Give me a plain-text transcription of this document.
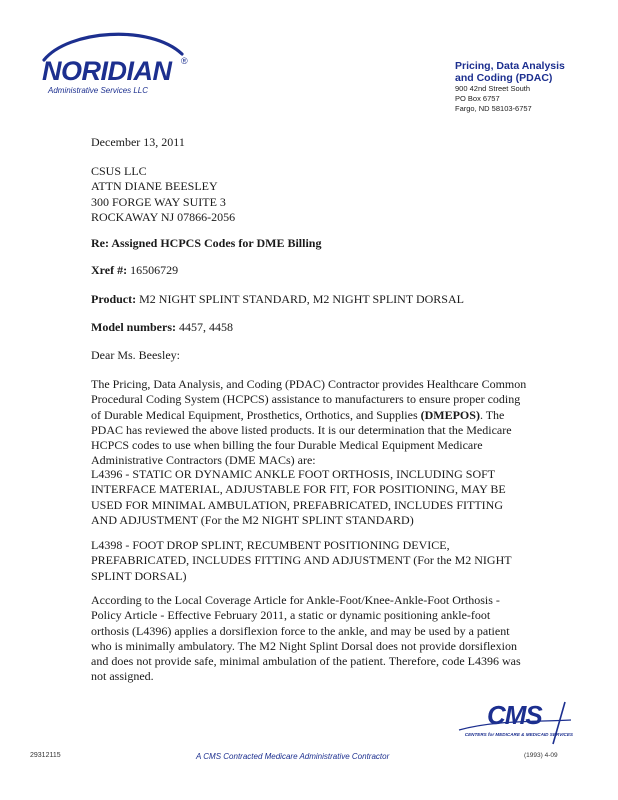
NORIDIAN ®
Administrative Services LLC
Pricing, Data Analysis
and Coding (PDAC)
900 42nd Street South
PO Box 6757
Fargo, ND 58103-6757
December 13, 2011
CSUS LLC
ATTN DIANE BEESLEY
300 FORGE WAY SUITE 3
ROCKAWAY NJ 07866-2056
Re: Assigned HCPCS Codes for DME Billing
Xref #: 16506729
Product: M2 NIGHT SPLINT STANDARD, M2 NIGHT SPLINT DORSAL
Model numbers: 4457, 4458
Dear Ms. Beesley:
The Pricing, Data Analysis, and Coding (PDAC) Contractor provides Healthcare Common Procedural Coding System (HCPCS) assistance to manufacturers to ensure proper coding of Durable Medical Equipment, Prosthetics, Orthotics, and Supplies (DMEPOS). The PDAC has reviewed the above listed products. It is our determination that the Medicare HCPCS codes to use when billing the four Durable Medical Equipment Medicare Administrative Contractors (DME MACs) are:
L4396 - STATIC OR DYNAMIC ANKLE FOOT ORTHOSIS, INCLUDING SOFT INTERFACE MATERIAL, ADJUSTABLE FOR FIT, FOR POSITIONING, MAY BE USED FOR MINIMAL AMBULATION, PREFABRICATED, INCLUDES FITTING AND ADJUSTMENT (For the M2 NIGHT SPLINT STANDARD)
L4398 - FOOT DROP SPLINT, RECUMBENT POSITIONING DEVICE, PREFABRICATED, INCLUDES FITTING AND ADJUSTMENT (For the M2 NIGHT SPLINT DORSAL)
According to the Local Coverage Article for Ankle-Foot/Knee-Ankle-Foot Orthosis - Policy Article - Effective February 2011, a static or dynamic positioning ankle-foot orthosis (L4396) applies a dorsiflexion force to the ankle, and may be used by a patient who is minimally ambulatory. The M2 Night Splint Dorsal does not provide dorsiflexion and does not provide safe, minimal ambulation of the patient. Therefore, code L4396 was not assigned.
CMS
CENTERS for MEDICARE & MEDICAID SERVICES
29312115	A CMS Contracted Medicare Administrative Contractor	(1993) 4-09
